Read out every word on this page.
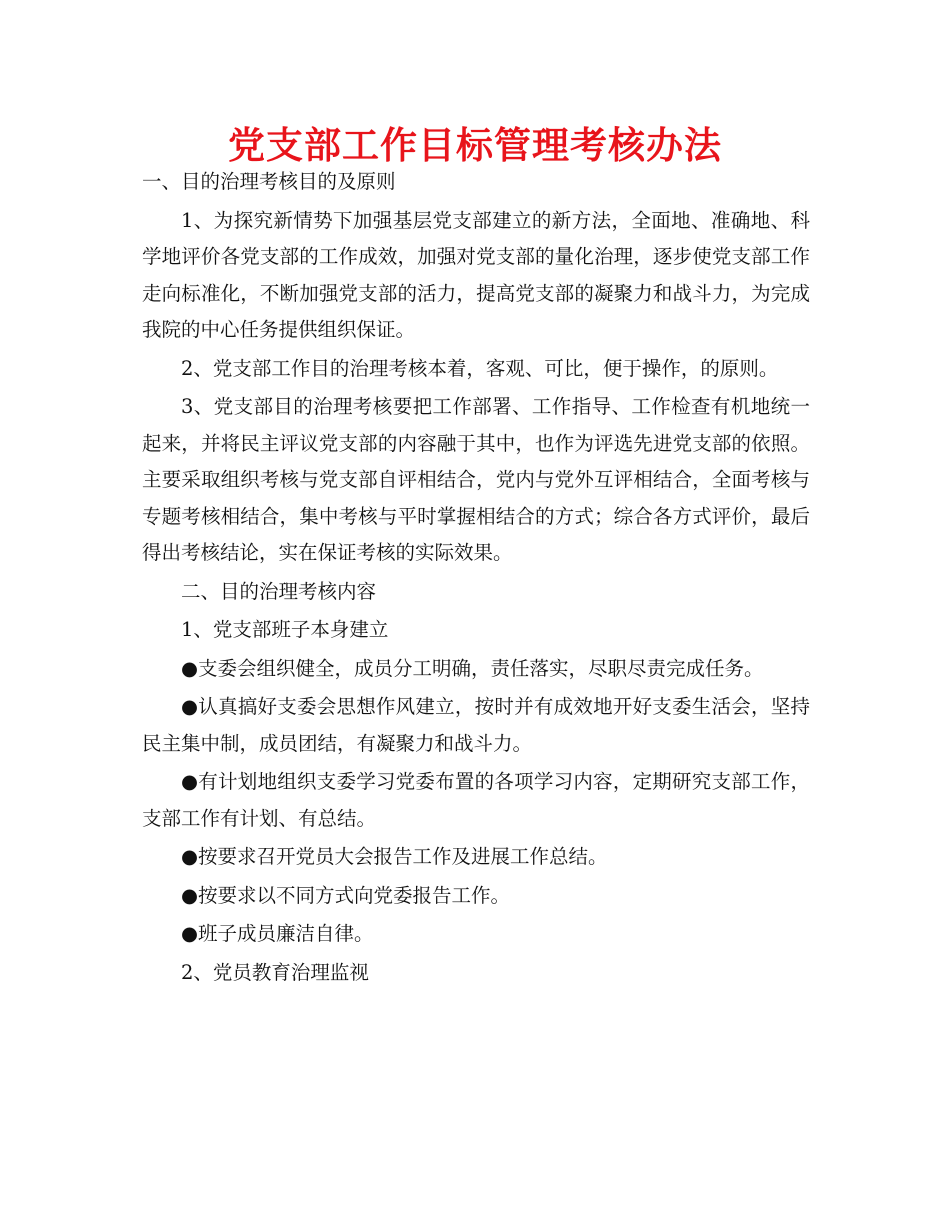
党支部工作目标管理考核办法

一、目的治理考核目的及原则

1、为探究新情势下加强基层党支部建立的新方法，全面地、准确地、科学地评价各党支部的工作成效，加强对党支部的量化治理，逐步使党支部工作走向标准化，不断加强党支部的活力，提高党支部的凝聚力和战斗力，为完成我院的中心任务提供组织保证。

2、党支部工作目的治理考核本着，客观、可比，便于操作，的原则。

3、党支部目的治理考核要把工作部署、工作指导、工作检查有机地统一起来，并将民主评议党支部的内容融于其中，也作为评选先进党支部的依照。主要采取组织考核与党支部自评相结合，党内与党外互评相结合，全面考核与专题考核相结合，集中考核与平时掌握相结合的方式；综合各方式评价，最后得出考核结论，实在保证考核的实际效果。

二、目的治理考核内容

1、党支部班子本身建立

●支委会组织健全，成员分工明确，责任落实，尽职尽责完成任务。

●认真搞好支委会思想作风建立，按时并有成效地开好支委生活会，坚持民主集中制，成员团结，有凝聚力和战斗力。

●有计划地组织支委学习党委布置的各项学习内容，定期研究支部工作，支部工作有计划、有总结。

●按要求召开党员大会报告工作及进展工作总结。

●按要求以不同方式向党委报告工作。

●班子成员廉洁自律。

2、党员教育治理监视
